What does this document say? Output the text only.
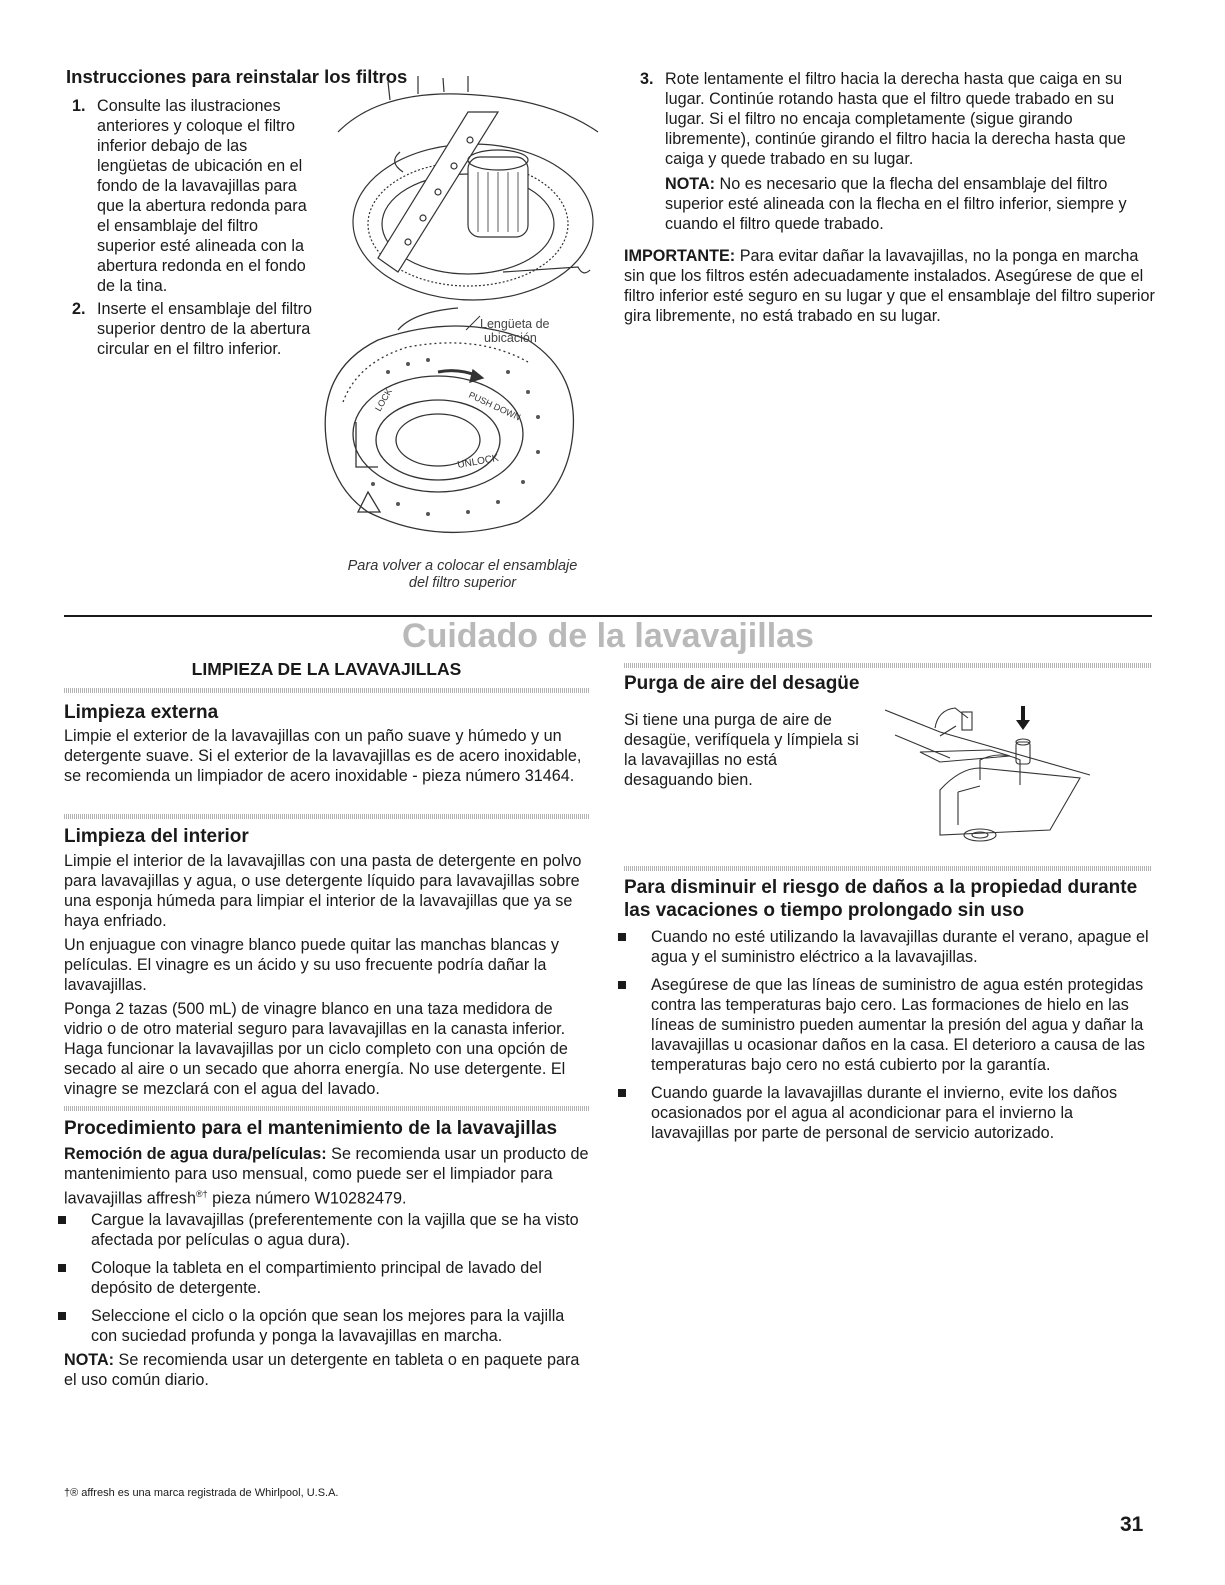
Instrucciones para reinstalar los filtros
1. Consulte las ilustraciones anteriores y coloque el filtro inferior debajo de las lengüetas de ubicación en el fondo de la lavavajillas para que la abertura redonda para el ensamblaje del filtro superior esté alineada con la abertura redonda en el fondo de la tina.
2. Inserte el ensamblaje del filtro superior dentro de la abertura circular en el filtro inferior.
UNLOCK
PUSH DOWN
LOCK
Lengüeta de
ubicación
Para volver a colocar el ensamblaje
del filtro superior
3. Rote lentamente el filtro hacia la derecha hasta que caiga en su lugar. Continúe rotando hasta que el filtro quede trabado en su lugar. Si el filtro no encaja completamente (sigue girando libremente), continúe girando el filtro hacia la derecha hasta que caiga y quede trabado en su lugar.

NOTA: No es necesario que la flecha del ensamblaje del filtro superior esté alineada con la flecha en el filtro inferior, siempre y cuando el filtro quede trabado.

IMPORTANTE: Para evitar dañar la lavavajillas, no la ponga en marcha sin que los filtros estén adecuadamente instalados. Asegúrese de que el filtro inferior esté seguro en su lugar y que el ensamblaje del filtro superior gira libremente, no está trabado en su lugar.

Cuidado de la lavavajillas
LIMPIEZA DE LA LAVAVAJILLAS
Limpieza externa

Limpie el exterior de la lavavajillas con un paño suave y húmedo y un detergente suave. Si el exterior de la lavavajillas es de acero inoxidable, se recomienda un limpiador de acero inoxidable - pieza número 31464.

Limpieza del interior

Limpie el interior de la lavavajillas con una pasta de detergente en polvo para lavavajillas y agua, o use detergente líquido para lavavajillas sobre una esponja húmeda para limpiar el interior de la lavavajillas que ya se haya enfriado.

Un enjuague con vinagre blanco puede quitar las manchas blancas y películas. El vinagre es un ácido y su uso frecuente podría dañar la lavavajillas.

Ponga 2 tazas (500 mL) de vinagre blanco en una taza medidora de vidrio o de otro material seguro para lavavajillas en la canasta inferior. Haga funcionar la lavavajillas por un ciclo completo con una opción de secado al aire o un secado que ahorra energía. No use detergente. El vinagre se mezclará con el agua del lavado.

Procedimiento para el mantenimiento de la lavavajillas

Remoción de agua dura/películas: Se recomienda usar un producto de mantenimiento para uso mensual, como puede ser el limpiador para lavavajillas affresh®† pieza número W10282479.

Cargue la lavavajillas (preferentemente con la vajilla que se ha visto afectada por películas o agua dura).
Coloque la tableta en el compartimiento principal de lavado del depósito de detergente.
Seleccione el ciclo o la opción que sean los mejores para la vajilla con suciedad profunda y ponga la lavavajillas en marcha.

NOTA: Se recomienda usar un detergente en tableta o en paquete para el uso común diario.

Purga de aire del desagüe

Si tiene una purga de aire de desagüe, verifíquela y límpiela si la lavavajillas no está desaguando bien.

Para disminuir el riesgo de daños a la propiedad durante las vacaciones o tiempo prolongado sin uso
Cuando no esté utilizando la lavavajillas durante el verano, apague el agua y el suministro eléctrico a la lavavajillas.
Asegúrese de que las líneas de suministro de agua estén protegidas contra las temperaturas bajo cero. Las formaciones de hielo en las líneas de suministro pueden aumentar la presión del agua y dañar la lavavajillas u ocasionar daños en la casa. El deterioro a causa de las temperaturas bajo cero no está cubierto por la garantía.
Cuando guarde la lavavajillas durante el invierno, evite los daños ocasionados por el agua al acondicionar para el invierno la lavavajillas por parte de personal de servicio autorizado.
†® affresh es una marca registrada de Whirlpool, U.S.A.
31
